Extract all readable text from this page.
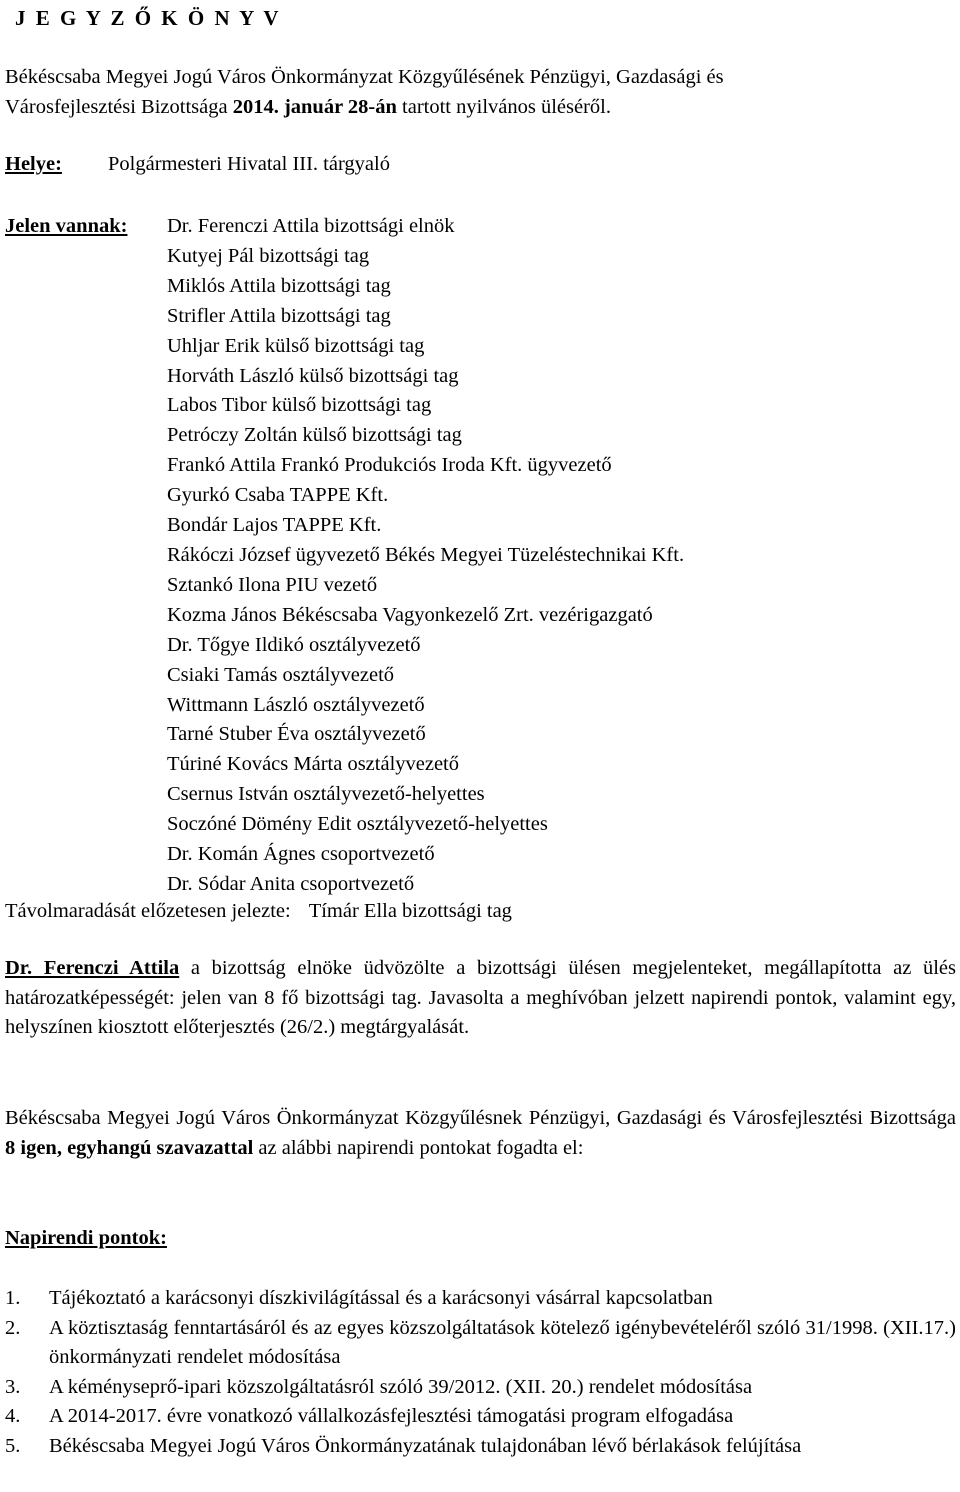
J E G Y Z Ő K Ö N Y V
Békéscsaba Megyei Jogú Város Önkormányzat Közgyűlésének Pénzügyi, Gazdasági és
Városfejlesztési Bizottsága 2014. január 28-án tartott nyilvános üléséről.
Helye: Polgármesteri Hivatal III. tárgyaló
Jelen vannak: Dr. Ferenczi Attila bizottsági elnök
Kutyej Pál bizottsági tag
Miklós Attila bizottsági tag
Strifler Attila bizottsági tag
Uhljar Erik külső bizottsági tag
Horváth László külső bizottsági tag
Labos Tibor külső bizottsági tag
Petróczy Zoltán külső bizottsági tag
Frankó Attila Frankó Produkciós Iroda Kft. ügyvezető
Gyurkó Csaba TAPPE Kft.
Bondár Lajos TAPPE Kft.
Rákóczi József ügyvezető Békés Megyei Tüzeléstechnikai Kft.
Sztankó Ilona PIU vezető
Kozma János Békéscsaba Vagyonkezelő Zrt. vezérigazgató
Dr. Tőgye Ildikó osztályvezető
Csiaki Tamás osztályvezető
Wittmann László osztályvezető
Tarné Stuber Éva osztályvezető
Túriné Kovács Márta osztályvezető
Csernus István osztályvezető-helyettes
Soczóné Dömény Edit osztályvezető-helyettes
Dr. Komán Ágnes csoportvezető
Dr. Sódar Anita csoportvezető
Távolmaradását előzetesen jelezte: Tímár Ella bizottsági tag

Dr. Ferenczi Attila a bizottság elnöke üdvözölte a bizottsági ülésen megjelenteket, megállapította az ülés határozatképességét: jelen van 8 fő bizottsági tag. Javasolta a meghívóban jelzett napirendi pontok, valamint egy, helyszínen kiosztott előterjesztés (26/2.) megtárgyalását.

Békéscsaba Megyei Jogú Város Önkormányzat Közgyűlésnek Pénzügyi, Gazdasági és Városfejlesztési Bizottsága 8 igen, egyhangú szavazattal az alábbi napirendi pontokat fogadta el:

Napirendi pontok:

1. Tájékoztató a karácsonyi díszkivilágítással és a karácsonyi vásárral kapcsolatban
2. A köztisztaság fenntartásáról és az egyes közszolgáltatások kötelező igénybevételéről szóló 31/1998. (XII.17.) önkormányzati rendelet módosítása
3. A kéményseprő-ipari közszolgáltatásról szóló 39/2012. (XII. 20.) rendelet módosítása
4. A 2014-2017. évre vonatkozó vállalkozásfejlesztési támogatási program elfogadása
5. Békéscsaba Megyei Jogú Város Önkormányzatának tulajdonában lévő bérlakások felújítása
